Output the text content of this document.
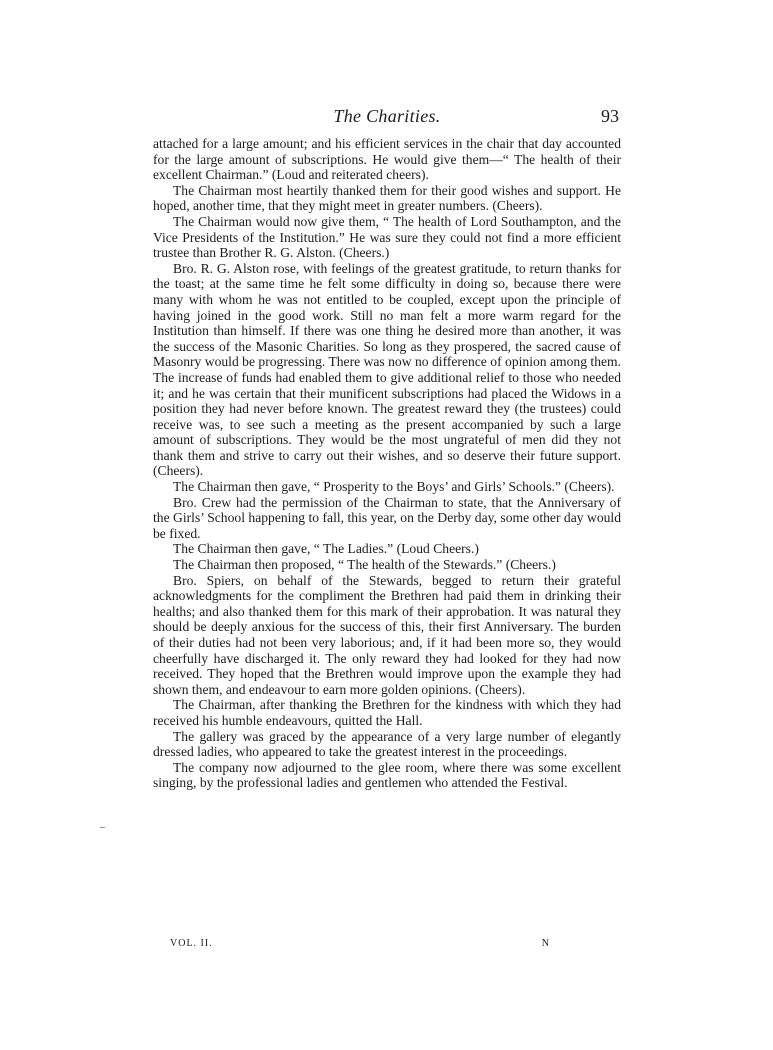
The Charities.	93

attached for a large amount; and his efficient services in the chair that day accounted for the large amount of subscriptions. He would give them—“ The health of their excellent Chairman.” (Loud and reiterated cheers).

The Chairman most heartily thanked them for their good wishes and support. He hoped, another time, that they might meet in greater numbers. (Cheers).

The Chairman would now give them, “ The health of Lord Southampton, and the Vice Presidents of the Institution.” He was sure they could not find a more efficient trustee than Brother R. G. Alston. (Cheers.)

Bro. R. G. Alston rose, with feelings of the greatest gratitude, to return thanks for the toast; at the same time he felt some difficulty in doing so, because there were many with whom he was not entitled to be coupled, except upon the principle of having joined in the good work. Still no man felt a more warm regard for the Institution than himself. If there was one thing he desired more than another, it was the success of the Masonic Charities. So long as they prospered, the sacred cause of Masonry would be progressing. There was now no difference of opinion among them. The increase of funds had enabled them to give additional relief to those who needed it; and he was certain that their munificent subscriptions had placed the Widows in a position they had never before known. The greatest reward they (the trustees) could receive was, to see such a meeting as the present accompanied by such a large amount of subscriptions. They would be the most ungrateful of men did they not thank them and strive to carry out their wishes, and so deserve their future support. (Cheers).

The Chairman then gave, “ Prosperity to the Boys’ and Girls’ Schools.” (Cheers).

Bro. Crew had the permission of the Chairman to state, that the Anniversary of the Girls’ School happening to fall, this year, on the Derby day, some other day would be fixed.

The Chairman then gave, “ The Ladies.” (Loud Cheers.)

The Chairman then proposed, “ The health of the Stewards.” (Cheers.)

Bro. Spiers, on behalf of the Stewards, begged to return their grateful acknowledgments for the compliment the Brethren had paid them in drinking their healths; and also thanked them for this mark of their approbation. It was natural they should be deeply anxious for the success of this, their first Anniversary. The burden of their duties had not been very laborious; and, if it had been more so, they would cheerfully have discharged it. The only reward they had looked for they had now received. They hoped that the Brethren would improve upon the example they had shown them, and endeavour to earn more golden opinions. (Cheers).

The Chairman, after thanking the Brethren for the kindness with which they had received his humble endeavours, quitted the Hall.

The gallery was graced by the appearance of a very large number of elegantly dressed ladies, who appeared to take the greatest interest in the proceedings.

The company now adjourned to the glee room, where there was some excellent singing, by the professional ladies and gentlemen who attended the Festival.

VOL. II.	N
